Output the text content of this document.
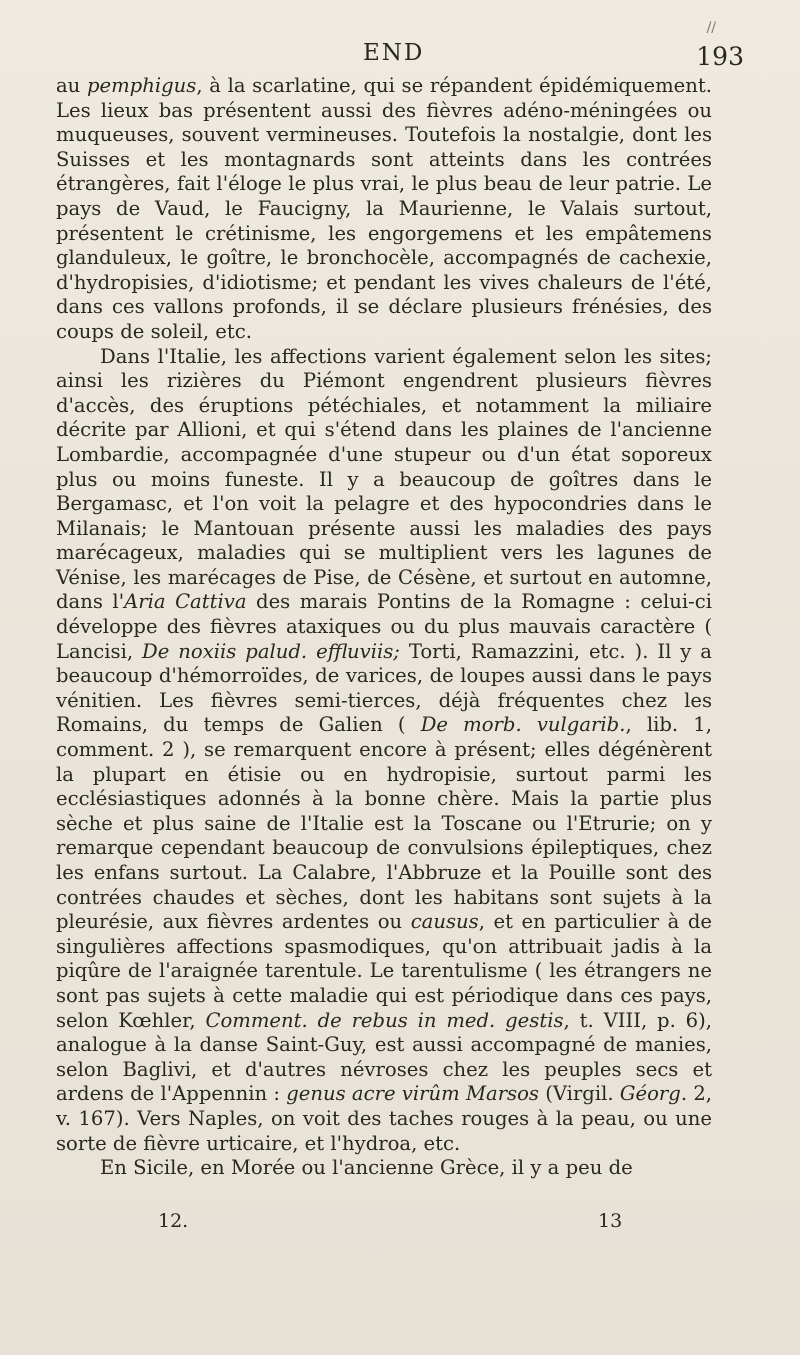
//
END	193

au pemphigus, à la scarlatine, qui se répandent épidémiquement. Les lieux bas présentent aussi des fièvres adéno-méningées ou muqueuses, souvent vermineuses. Toutefois la nostalgie, dont les Suisses et les montagnards sont atteints dans les contrées étrangères, fait l'éloge le plus vrai, le plus beau de leur patrie. Le pays de Vaud, le Faucigny, la Maurienne, le Valais surtout, présentent le crétinisme, les engorgemens et les empâtemens glanduleux, le goître, le bronchocèle, accompagnés de cachexie, d'hydropisies, d'idiotisme; et pendant les vives chaleurs de l'été, dans ces vallons profonds, il se déclare plusieurs frénésies, des coups de soleil, etc.

Dans l'Italie, les affections varient également selon les sites; ainsi les rizières du Piémont engendrent plusieurs fièvres d'accès, des éruptions pétéchiales, et notamment la miliaire décrite par Allioni, et qui s'étend dans les plaines de l'ancienne Lombardie, accompagnée d'une stupeur ou d'un état soporeux plus ou moins funeste. Il y a beaucoup de goîtres dans le Bergamasc, et l'on voit la pelagre et des hypocondries dans le Milanais; le Mantouan présente aussi les maladies des pays marécageux, maladies qui se multiplient vers les lagunes de Vénise, les marécages de Pise, de Césène, et surtout en automne, dans l'Aria Cattiva des marais Pontins de la Romagne : celui-ci développe des fièvres ataxiques ou du plus mauvais caractère ( Lancisi, De noxiis palud. effluviis; Torti, Ramazzini, etc. ). Il y a beaucoup d'hémorroïdes, de varices, de loupes aussi dans le pays vénitien. Les fièvres semi-tierces, déjà fréquentes chez les Romains, du temps de Galien ( De morb. vulgarib., lib. 1, comment. 2 ), se remarquent encore à présent; elles dégénèrent la plupart en étisie ou en hydropisie, surtout parmi les ecclésiastiques adonnés à la bonne chère. Mais la partie plus sèche et plus saine de l'Italie est la Toscane ou l'Etrurie; on y remarque cependant beaucoup de convulsions épileptiques, chez les enfans surtout. La Calabre, l'Abbruze et la Pouille sont des contrées chaudes et sèches, dont les habitans sont sujets à la pleurésie, aux fièvres ardentes ou causus, et en particulier à de singulières affections spasmodiques, qu'on attribuait jadis à la piqûre de l'araignée tarentule. Le tarentulisme ( les étrangers ne sont pas sujets à cette maladie qui est périodique dans ces pays, selon Kœhler, Comment. de rebus in med. gestis, t. VIII, p. 6), analogue à la danse Saint-Guy, est aussi accompagné de manies, selon Baglivi, et d'autres névroses chez les peuples secs et ardens de l'Appennin : genus acre virûm Marsos (Virgil. Géorg. 2, v. 167). Vers Naples, on voit des taches rouges à la peau, ou une sorte de fièvre urticaire, et l'hydroa, etc.

En Sicile, en Morée ou l'ancienne Grèce, il y a peu de

12.	13
